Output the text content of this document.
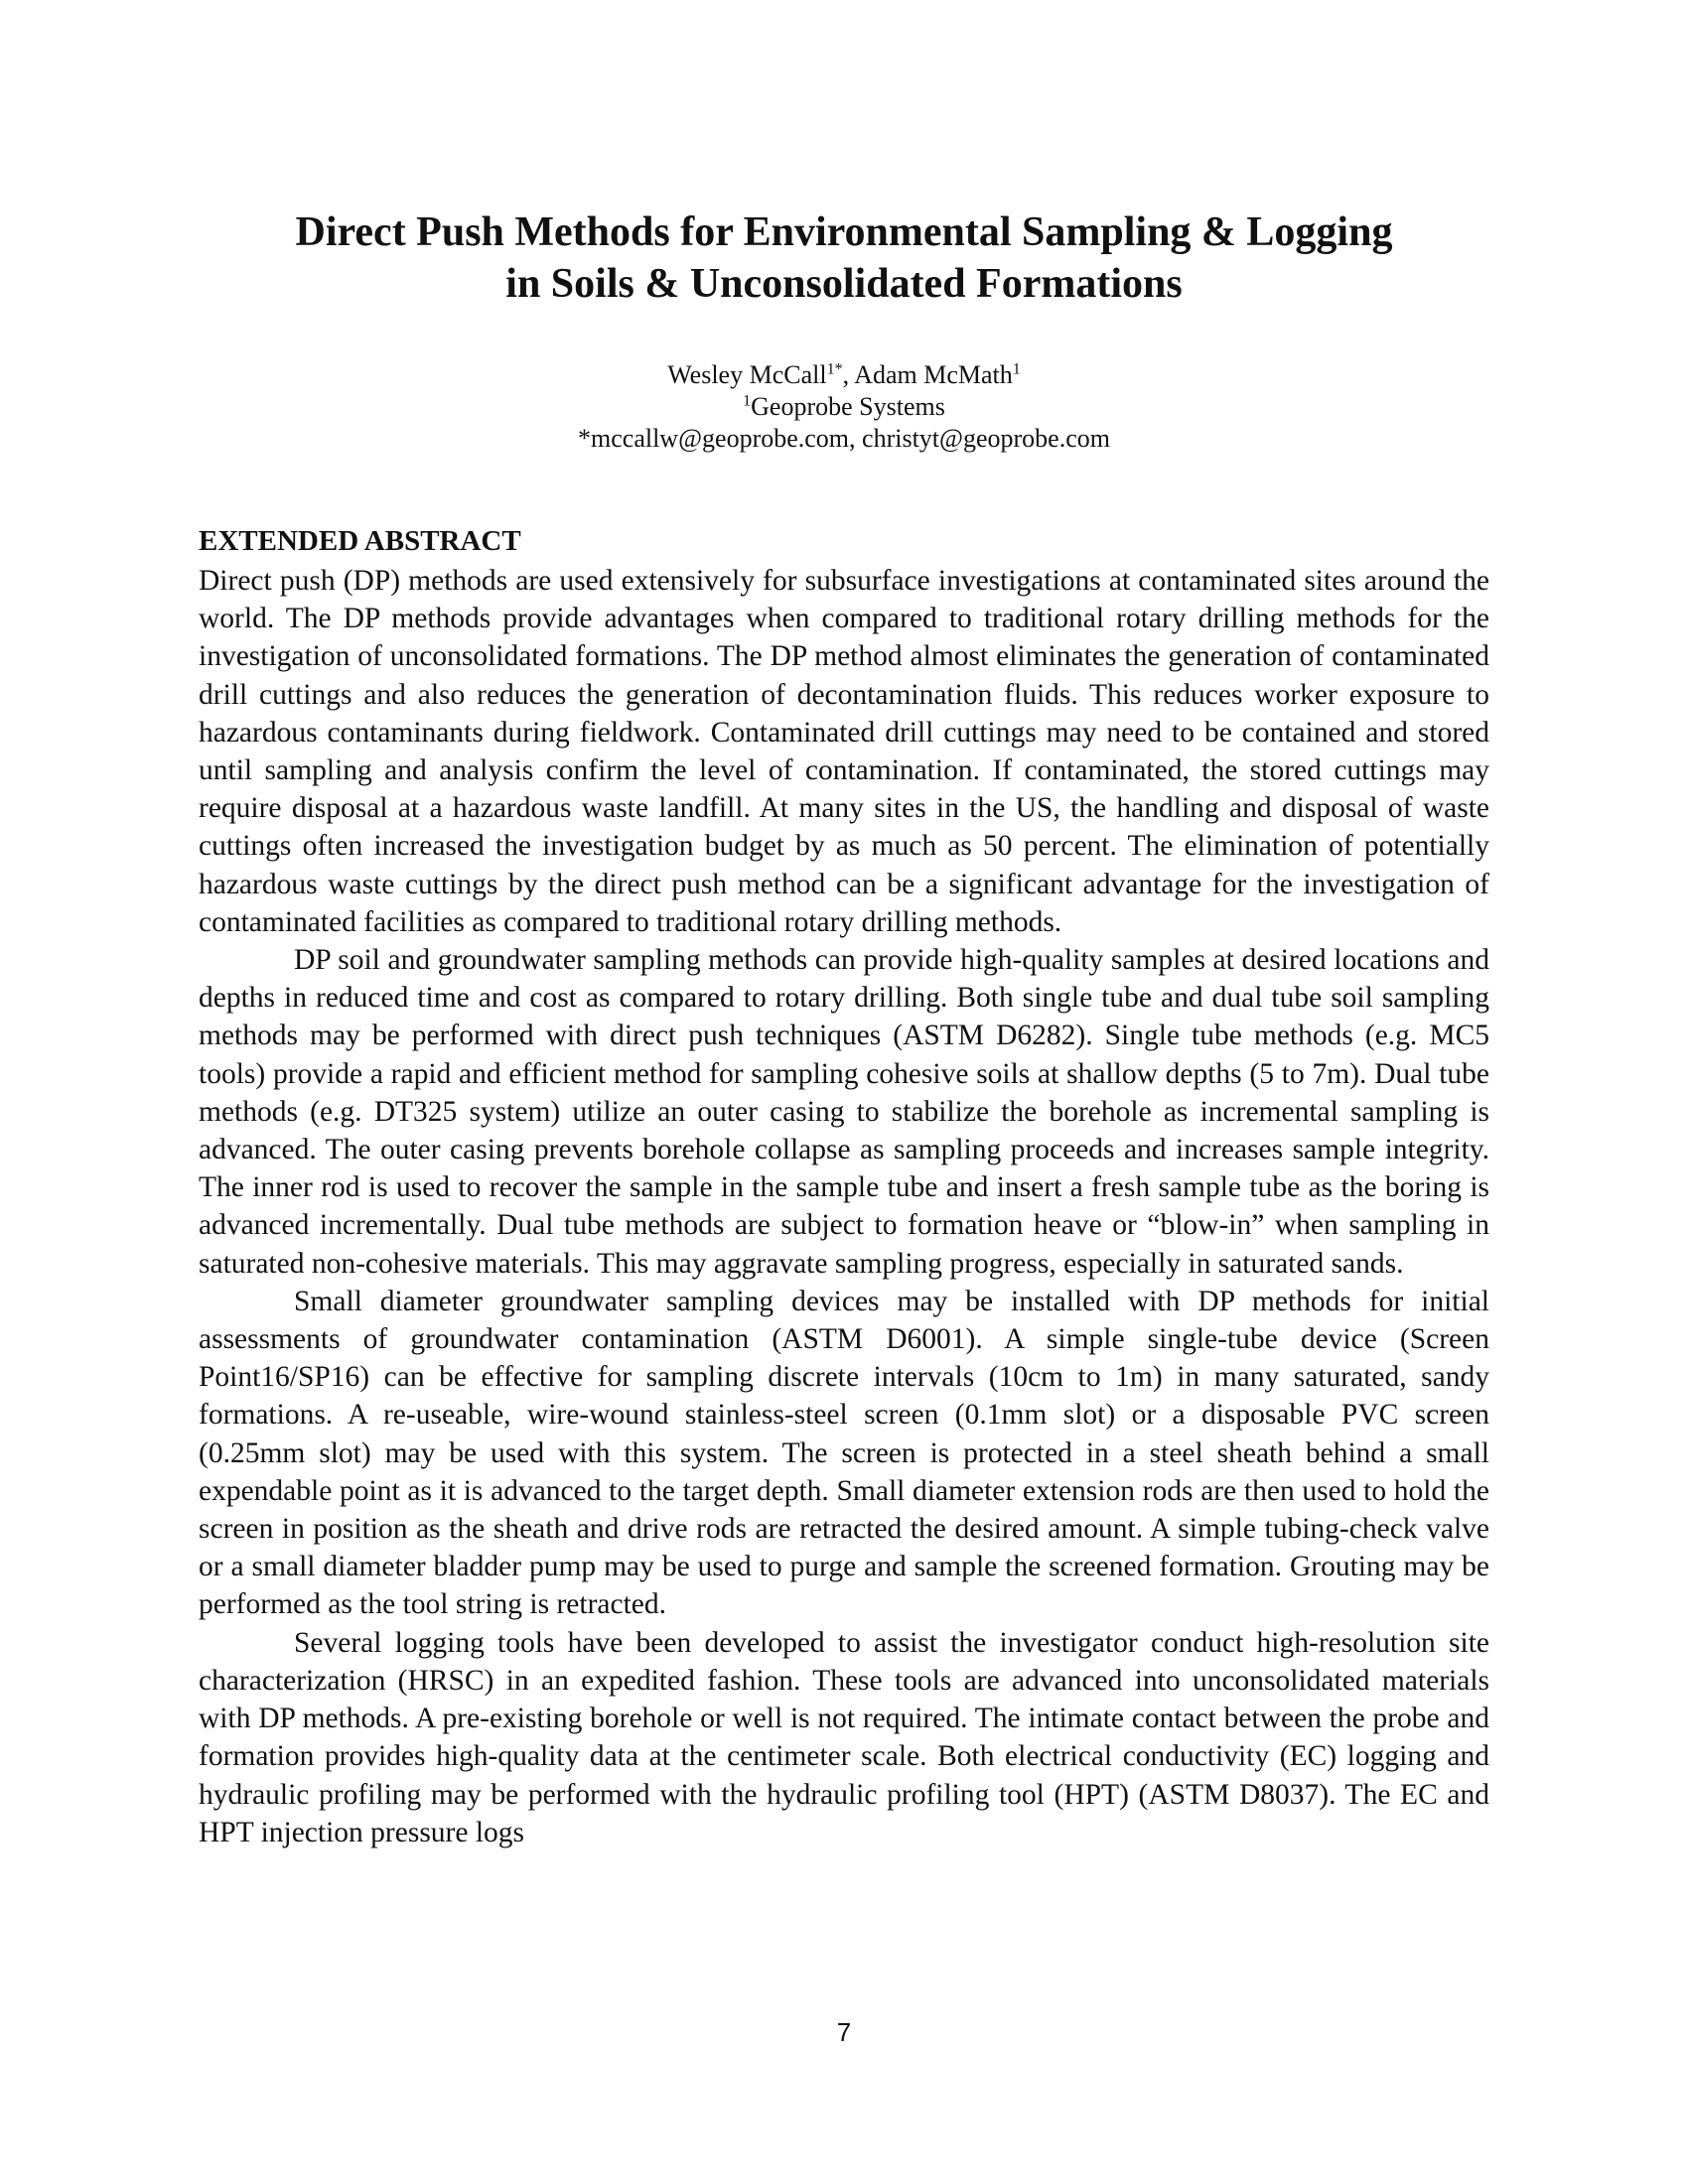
Direct Push Methods for Environmental Sampling & Logging
in Soils & Unconsolidated Formations
Wesley McCall$^{1*}$, Adam McMath$^1$
$^1$Geoprobe Systems
*mccallw@geoprobe.com, christyt@geoprobe.com
EXTENDED ABSTRACT

Direct push (DP) methods are used extensively for subsurface investigations at contaminated sites around the world. The DP methods provide advantages when compared to traditional rotary drilling methods for the investigation of unconsolidated formations. The DP method almost eliminates the generation of contaminated drill cuttings and also reduces the generation of decontamination fluids. This reduces worker exposure to hazardous contaminants during fieldwork. Contaminated drill cuttings may need to be contained and stored until sampling and analysis confirm the level of contamination. If contaminated, the stored cuttings may require disposal at a hazardous waste landfill. At many sites in the US, the handling and disposal of waste cuttings often increased the investigation budget by as much as 50 percent. The elimination of potentially hazardous waste cuttings by the direct push method can be a significant advantage for the investigation of contaminated facilities as compared to traditional rotary drilling methods.

DP soil and groundwater sampling methods can provide high-quality samples at desired locations and depths in reduced time and cost as compared to rotary drilling. Both single tube and dual tube soil sampling methods may be performed with direct push techniques (ASTM D6282). Single tube methods (e.g. MC5 tools) provide a rapid and efficient method for sampling cohesive soils at shallow depths (5 to 7m). Dual tube methods (e.g. DT325 system) utilize an outer casing to stabilize the borehole as incremental sampling is advanced. The outer casing prevents borehole collapse as sampling proceeds and increases sample integrity. The inner rod is used to recover the sample in the sample tube and insert a fresh sample tube as the boring is advanced incrementally. Dual tube methods are subject to formation heave or “blow-in” when sampling in saturated non-cohesive materials. This may aggravate sampling progress, especially in saturated sands.

Small diameter groundwater sampling devices may be installed with DP methods for initial assessments of groundwater contamination (ASTM D6001). A simple single-tube device (Screen Point16/SP16) can be effective for sampling discrete intervals (10cm to 1m) in many saturated, sandy formations. A re-useable, wire-wound stainless-steel screen (0.1mm slot) or a disposable PVC screen (0.25mm slot) may be used with this system. The screen is protected in a steel sheath behind a small expendable point as it is advanced to the target depth. Small diameter extension rods are then used to hold the screen in position as the sheath and drive rods are retracted the desired amount. A simple tubing-check valve or a small diameter bladder pump may be used to purge and sample the screened formation. Grouting may be performed as the tool string is retracted.

Several logging tools have been developed to assist the investigator conduct high-resolution site characterization (HRSC) in an expedited fashion. These tools are advanced into unconsolidated materials with DP methods. A pre-existing borehole or well is not required. The intimate contact between the probe and formation provides high-quality data at the centimeter scale. Both electrical conductivity (EC) logging and hydraulic profiling may be performed with the hydraulic profiling tool (HPT) (ASTM D8037). The EC and HPT injection pressure logs

7
